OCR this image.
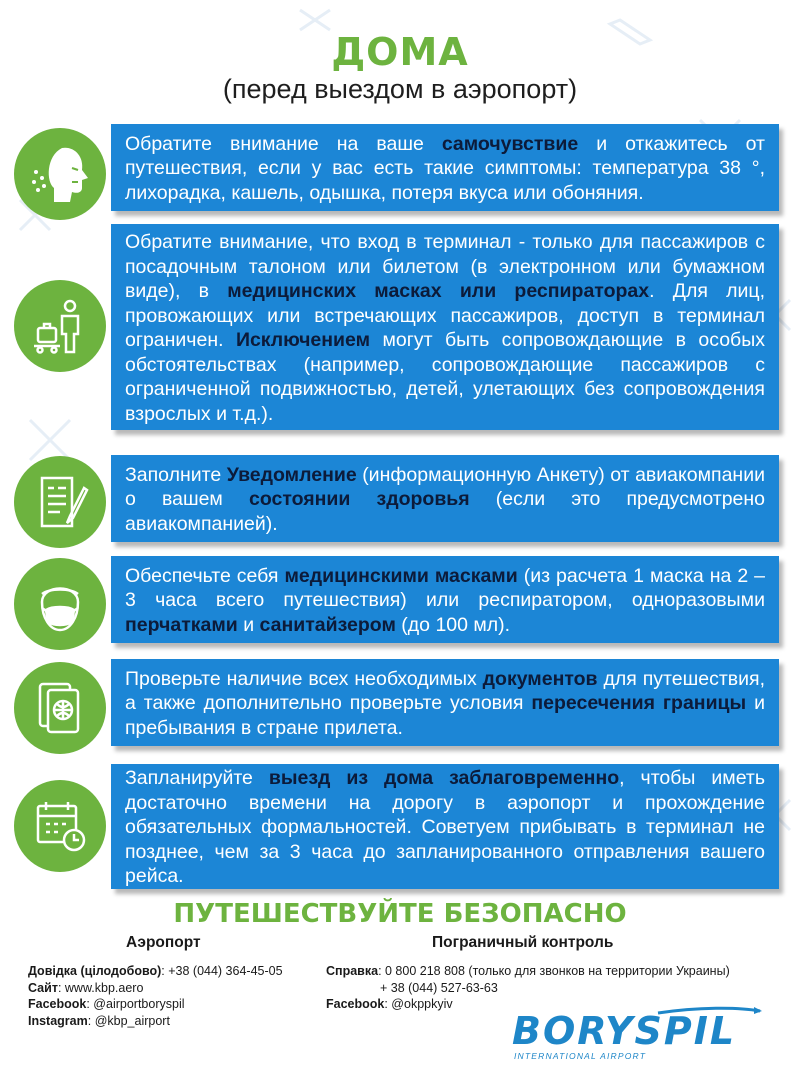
ДОМА
(перед выездом в аэропорт)

Обратите внимание на ваше самочувствие и откажитесь от путешествия, если у вас есть такие симптомы: температура 38 °, лихорадка, кашель, одышка, потеря вкуса или обоняния.

Обратите внимание, что вход в терминал - только для пассажиров с посадочным талоном или билетом (в электронном или бумажном виде), в медицинских масках или респираторах. Для лиц, провожающих или встречающих пассажиров, доступ в терминал ограничен. Исключением могут быть сопровождающие в особых обстоятельствах (например, сопровождающие пассажиров с ограниченной подвижностью, детей, улетающих без сопровождения взрослых и т.д.).

Заполните Уведомление (информационную Анкету) от авиакомпании о вашем состоянии здоровья (если это предусмотрено авиакомпанией).

Обеспечьте себя медицинскими масками (из расчета 1 маска на 2 – 3 часа всего путешествия) или респиратором, одноразовыми перчатками и санитайзером (до 100 мл).

Проверьте наличие всех необходимых документов для путешествия, а также дополнительно проверьте условия пересечения границы и пребывания в стране прилета.

Запланируйте выезд из дома заблаговременно, чтобы иметь достаточно времени на дорогу в аэропорт и прохождение обязательных формальностей. Советуем прибывать в терминал не позднее, чем за 3 часа до запланированного отправления вашего рейса.

ПУТЕШЕСТВУЙТЕ БЕЗОПАСНО
Аэропорт	Пограничный контроль
Довідка (цілодобово): +38 (044) 364-45-05
Сайт: www.kbp.aero
Facebook: @airportboryspil
Instagram: @kbp_airport
Справка: 0 800 218 808 (только для звонков на территории Украины)
+ 38 (044) 527-63-63
Facebook: @okppkyiv
BORYSPIL
INTERNATIONAL AIRPORT
